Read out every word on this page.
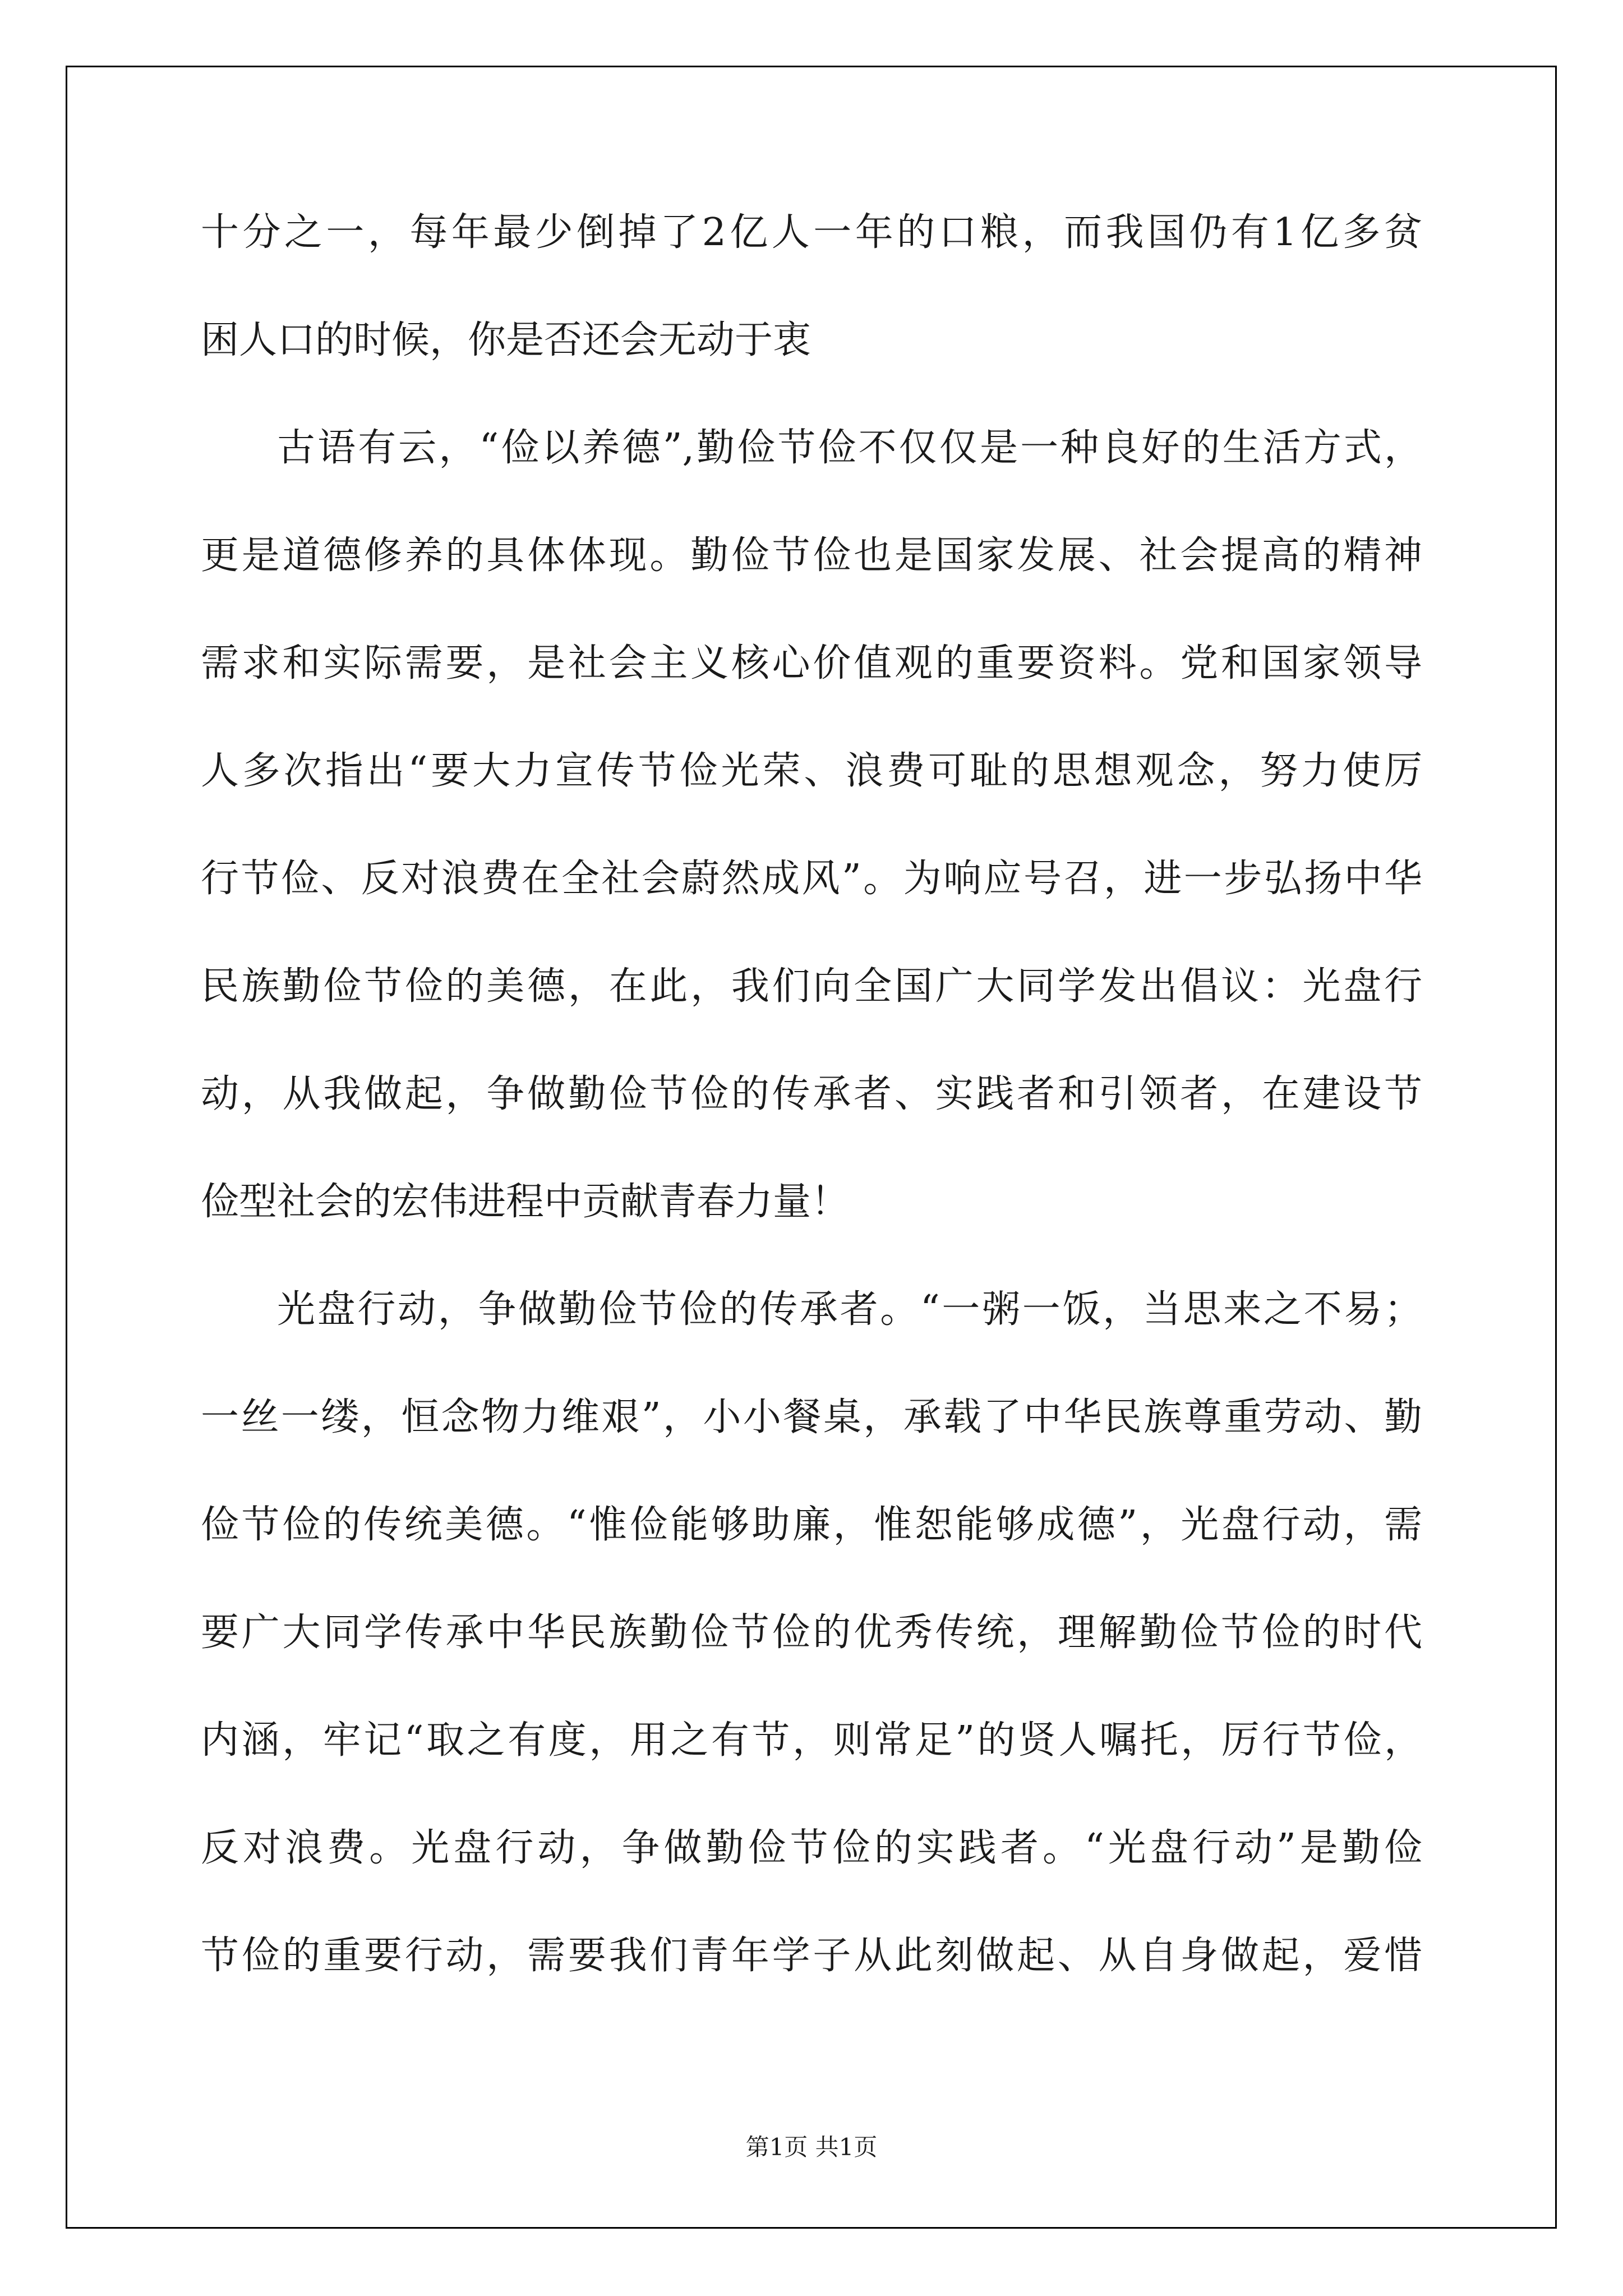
十分之一，每年最少倒掉了2亿人一年的口粮，而我国仍有1亿多贫
困人口的时候，你是否还会无动于衷
古语有云，“俭以养德”,勤俭节俭不仅仅是一种良好的生活方式，
更是道德修养的具体体现。勤俭节俭也是国家发展、社会提高的精神
需求和实际需要，是社会主义核心价值观的重要资料。党和国家领导
人多次指出“要大力宣传节俭光荣、浪费可耻的思想观念，努力使厉
行节俭、反对浪费在全社会蔚然成风”。为响应号召，进一步弘扬中华
民族勤俭节俭的美德，在此，我们向全国广大同学发出倡议：光盘行
动，从我做起，争做勤俭节俭的传承者、实践者和引领者，在建设节
俭型社会的宏伟进程中贡献青春力量！
光盘行动，争做勤俭节俭的传承者。“一粥一饭，当思来之不易；
一丝一缕，恒念物力维艰”，小小餐桌，承载了中华民族尊重劳动、勤
俭节俭的传统美德。“惟俭能够助廉，惟恕能够成德”，光盘行动，需
要广大同学传承中华民族勤俭节俭的优秀传统，理解勤俭节俭的时代
内涵，牢记“取之有度，用之有节，则常足”的贤人嘱托，厉行节俭，
反对浪费。光盘行动，争做勤俭节俭的实践者。“光盘行动”是勤俭
节俭的重要行动，需要我们青年学子从此刻做起、从自身做起，爱惜
第1页 共1页
